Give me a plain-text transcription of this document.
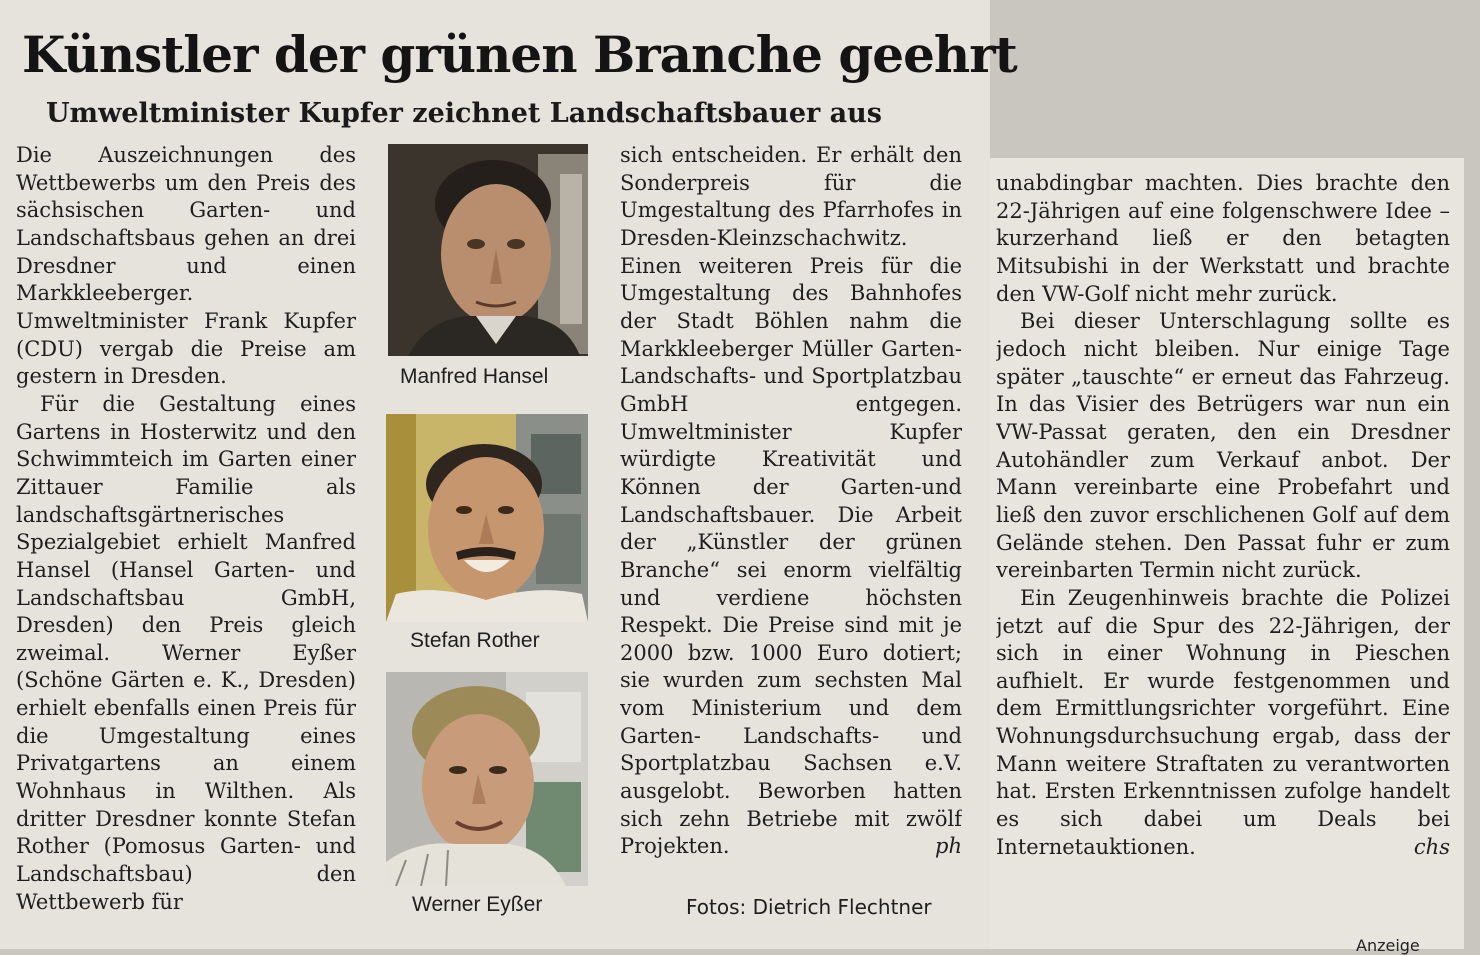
Künstler der grünen Branche geehrt
Umweltminister Kupfer zeichnet Landschaftsbauer aus

Die Auszeichnungen des Wettbewerbs um den Preis des sächsischen Garten- und Landschaftsbaus gehen an drei Dresdner und einen Markkleeberger. Umweltminister Frank Kupfer (CDU) vergab die Preise am gestern in Dresden.

Für die Gestaltung eines Gartens in Hosterwitz und den Schwimmteich im Garten einer Zittauer Familie als landschaftsgärtnerisches Spezialgebiet erhielt Manfred Hansel (Hansel Garten- und Landschaftsbau GmbH, Dresden) den Preis gleich zweimal. Werner Eyßer (Schöne Gärten e. K., Dresden) erhielt ebenfalls einen Preis für die Umgestaltung eines Privatgartens an einem Wohnhaus in Wilthen. Als dritter Dresdner konnte Stefan Rother (Pomosus Garten- und Landschaftsbau) den Wettbewerb für

Manfred Hansel
Stefan Rother
Werner Eyßer

sich entscheiden. Er erhält den Sonderpreis für die Umgestaltung des Pfarrhofes in Dresden-Kleinzschachwitz. Einen weiteren Preis für die Umgestaltung des Bahnhofes der Stadt Böhlen nahm die Markkleeberger Müller Garten- Landschafts- und Sportplatzbau GmbH entgegen. Umweltminister Kupfer würdigte Kreativität und Können der Garten-und Landschaftsbauer. Die Arbeit der „Künstler der grünen Branche“ sei enorm vielfältig und verdiene höchsten Respekt. Die Preise sind mit je 2000 bzw. 1000 Euro dotiert; sie wurden zum sechsten Mal vom Ministerium und dem Garten- Landschafts- und Sportplatzbau Sachsen e.V. ausgelobt. Beworben hatten sich zehn Betriebe mit zwölf Projekten.	ph

Fotos: Dietrich Flechtner

unabdingbar machten. Dies brachte den 22-Jährigen auf eine folgenschwere Idee – kurzerhand ließ er den betagten Mitsubishi in der Werkstatt und brachte den VW-Golf nicht mehr zurück.

Bei dieser Unterschlagung sollte es jedoch nicht bleiben. Nur einige Tage später „tauschte“ er erneut das Fahrzeug. In das Visier des Betrügers war nun ein VW-Passat geraten, den ein Dresdner Autohändler zum Verkauf anbot. Der Mann vereinbarte eine Probefahrt und ließ den zuvor erschlichenen Golf auf dem Gelände stehen. Den Passat fuhr er zum vereinbarten Termin nicht zurück.

Ein Zeugenhinweis brachte die Polizei jetzt auf die Spur des 22-Jährigen, der sich in einer Wohnung in Pieschen aufhielt. Er wurde festgenommen und dem Ermittlungsrichter vorgeführt. Eine Wohnungsdurchsuchung ergab, dass der Mann weitere Straftaten zu verantworten hat. Ersten Erkenntnissen zufolge handelt es sich dabei um Deals bei Internetauktionen.	chs

Anzeige
